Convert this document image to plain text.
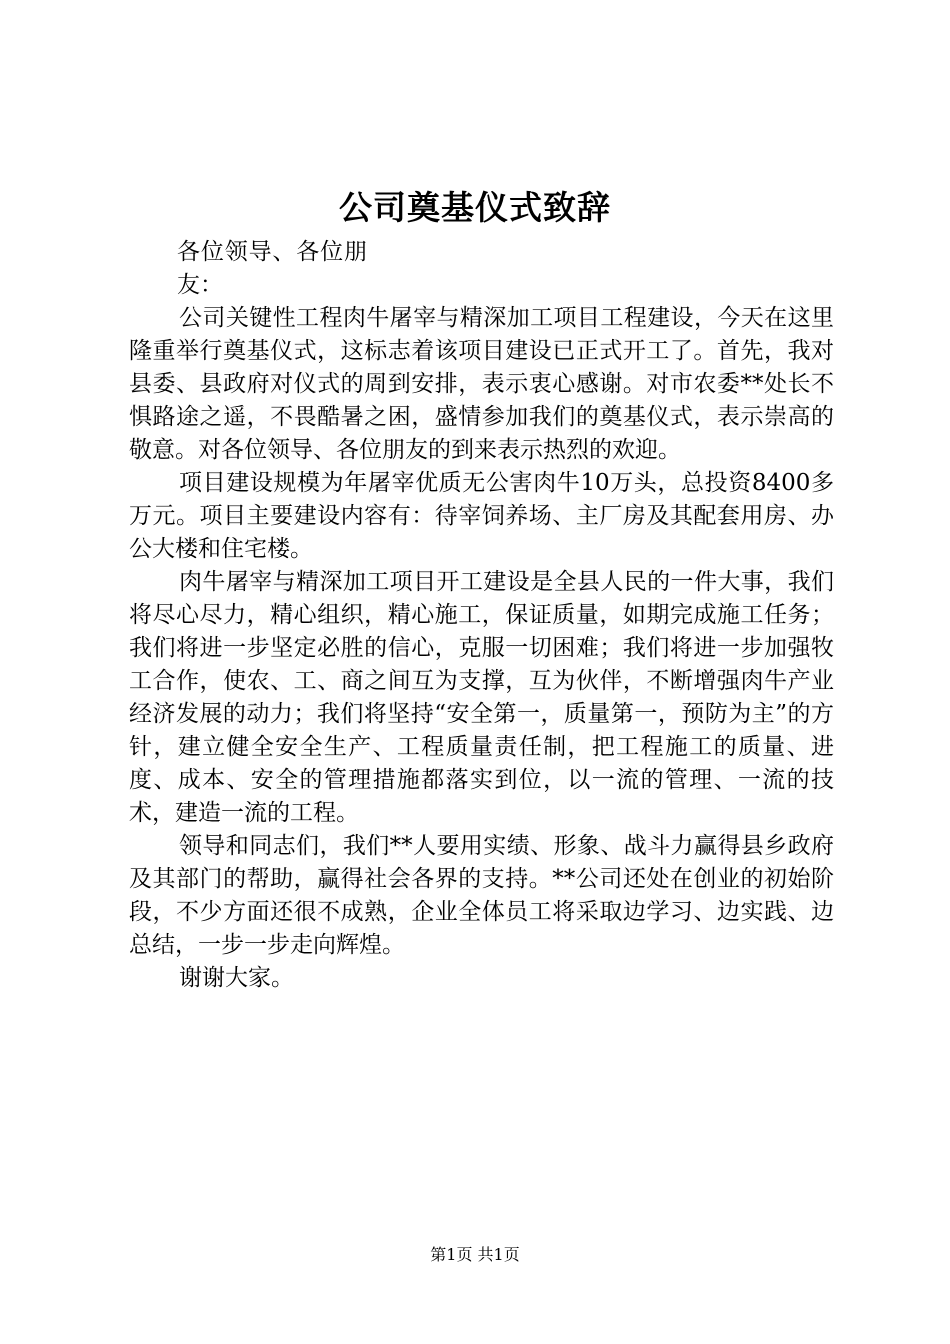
公司奠基仪式致辞

各位领导、各位朋友：

公司关键性工程肉牛屠宰与精深加工项目工程建设，今天在这里隆重举行奠基仪式，这标志着该项目建设已正式开工了。首先，我对县委、县政府对仪式的周到安排，表示衷心感谢。对市农委**处长不惧路途之遥，不畏酷暑之困，盛情参加我们的奠基仪式，表示崇高的敬意。对各位领导、各位朋友的到来表示热烈的欢迎。

项目建设规模为年屠宰优质无公害肉牛10万头，总投资8400多万元。项目主要建设内容有：待宰饲养场、主厂房及其配套用房、办公大楼和住宅楼。

肉牛屠宰与精深加工项目开工建设是全县人民的一件大事，我们将尽心尽力，精心组织，精心施工，保证质量，如期完成施工任务；我们将进一步坚定必胜的信心，克服一切困难；我们将进一步加强牧工合作，使农、工、商之间互为支撑，互为伙伴，不断增强肉牛产业经济发展的动力；我们将坚持“安全第一，质量第一，预防为主”的方针，建立健全安全生产、工程质量责任制，把工程施工的质量、进度、成本、安全的管理措施都落实到位，以一流的管理、一流的技术，建造一流的工程。

领导和同志们，我们**人要用实绩、形象、战斗力赢得县乡政府及其部门的帮助，赢得社会各界的支持。**公司还处在创业的初始阶段，不少方面还很不成熟，企业全体员工将采取边学习、边实践、边总结，一步一步走向辉煌。

谢谢大家。

第1页 共1页
